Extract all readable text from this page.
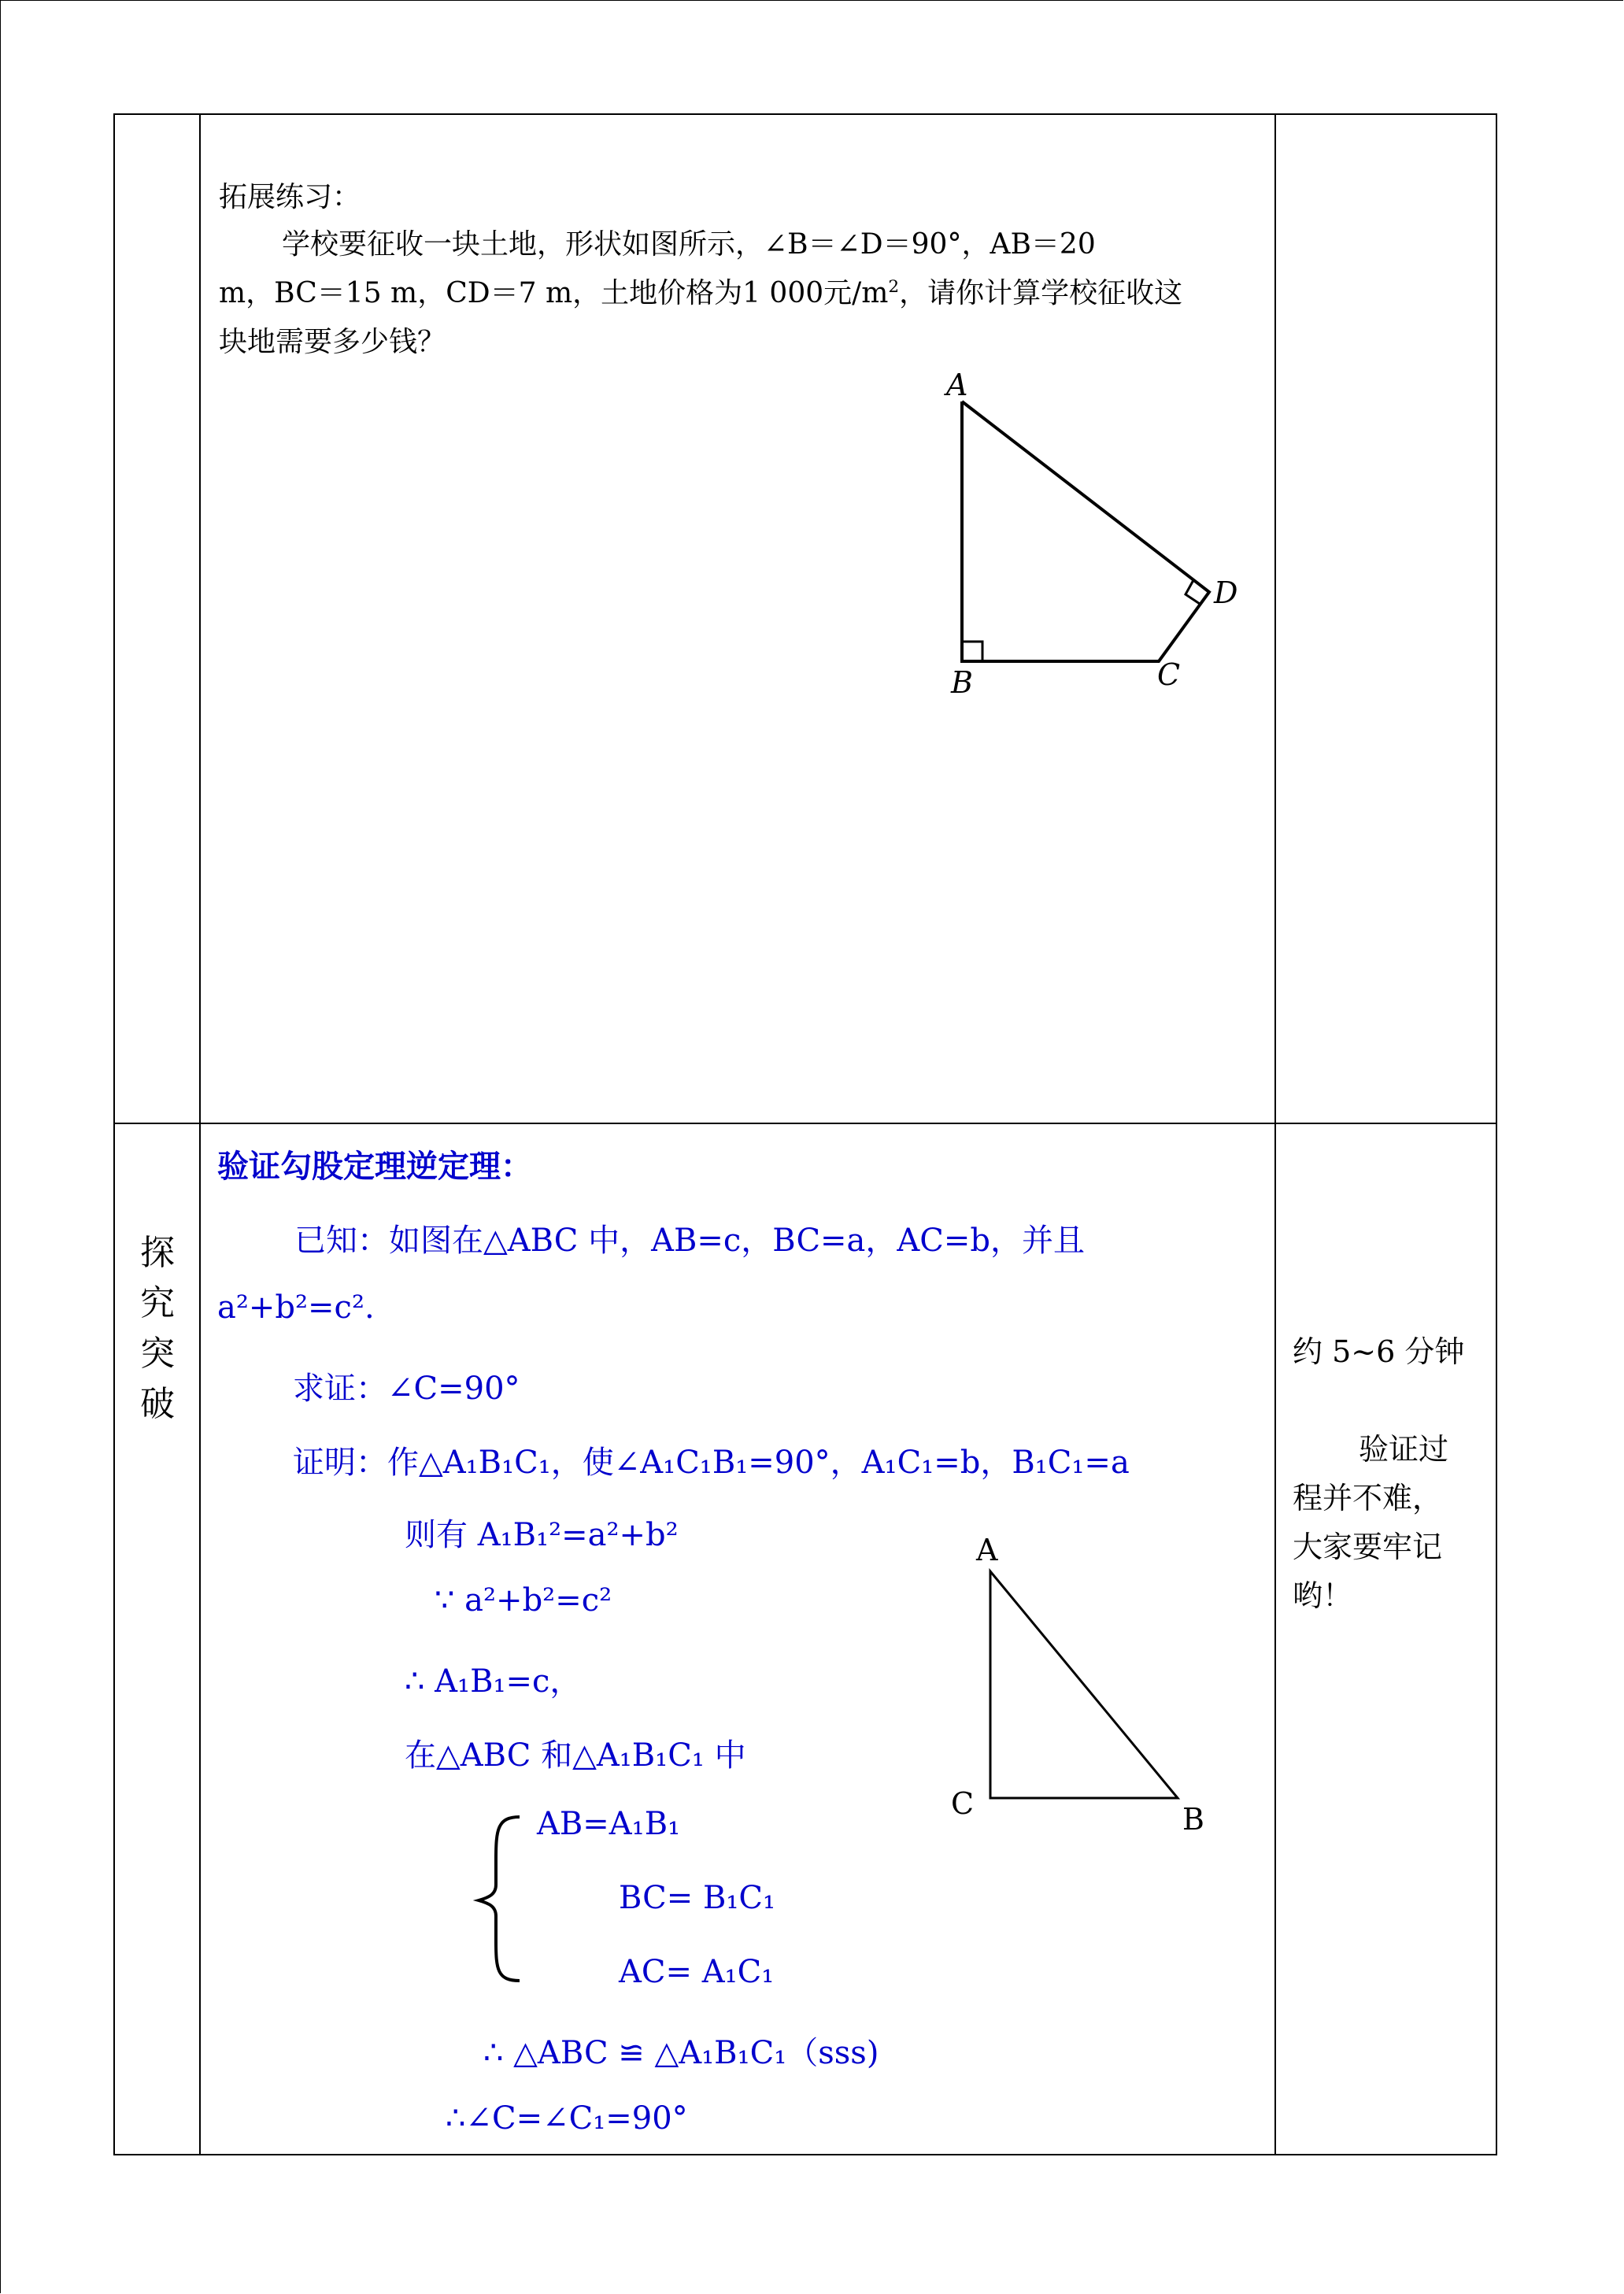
拓展练习：
学校要征收一块土地，形状如图所示，∠B＝∠D＝90°，AB＝20
m，BC＝15 m，CD＝7 m，土地价格为1 000元$/m^2$，请你计算学校征收这
块地需要多少钱？
A
B	C
D
探
究
突
破
验证勾股定理逆定理：
已知：如图在△ABC 中，AB=c，BC=a，AC=b，并且
a²+b²=c².
求证：∠C=90°
证明：作△A₁B₁C₁，使∠A₁C₁B₁=90°，A₁C₁=b，B₁C₁=a
则有 A₁B₁²=a²+b²
∵ a²+b²=c²
∴ A₁B₁=c，
在△ABC 和△A₁B₁C₁ 中
AB=A₁B₁
BC= B₁C₁
AC= A₁C₁
∴ △ABC ≌ △A₁B₁C₁（sss)
∴∠C=∠C₁=90°
A
C	B
约 5~6 分钟
验证过
程并不难，
大家要牢记
哟！
